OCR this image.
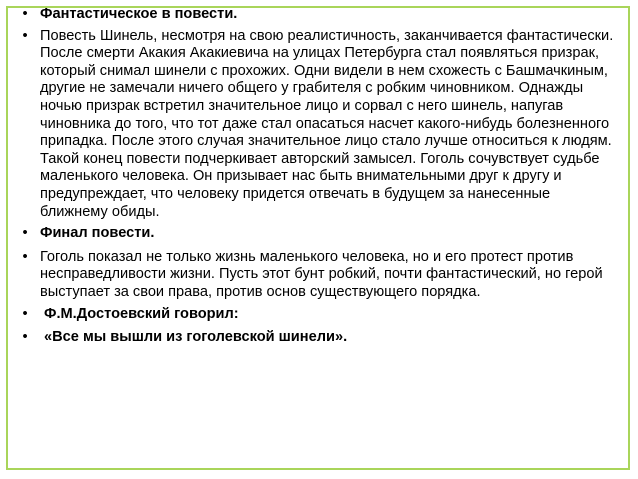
• Фантастическое в повести.
• Повесть Шинель, несмотря на свою реалистичность, заканчивается фантастически. После смерти Акакия Акакиевича на улицах Петербурга стал появляться призрак, который снимал шинели с прохожих. Одни видели в нем схожесть с Башмачкиным, другие не замечали ничего общего у грабителя с робким чиновником. Однажды ночью призрак встретил значительное лицо и сорвал с него шинель, напугав чиновника до того, что тот даже стал опасаться насчет какого-нибудь болезненного припадка. После этого случая значительное лицо стало лучше относиться к людям. Такой конец повести подчеркивает авторский замысел. Гоголь сочувствует судьбе маленького человека. Он призывает нас быть внимательными друг к другу и предупреждает, что человеку придется отвечать в будущем за нанесенные ближнему обиды.
• Финал повести.
• Гоголь показал не только жизнь маленького человека, но и его протест против несправедливости жизни. Пусть этот бунт робкий, почти фантастический, но герой выступает за свои права, против основ существующего порядка.
•	Ф.М.Достоевский говорил:
•	«Все мы вышли из гоголевской шинели».
